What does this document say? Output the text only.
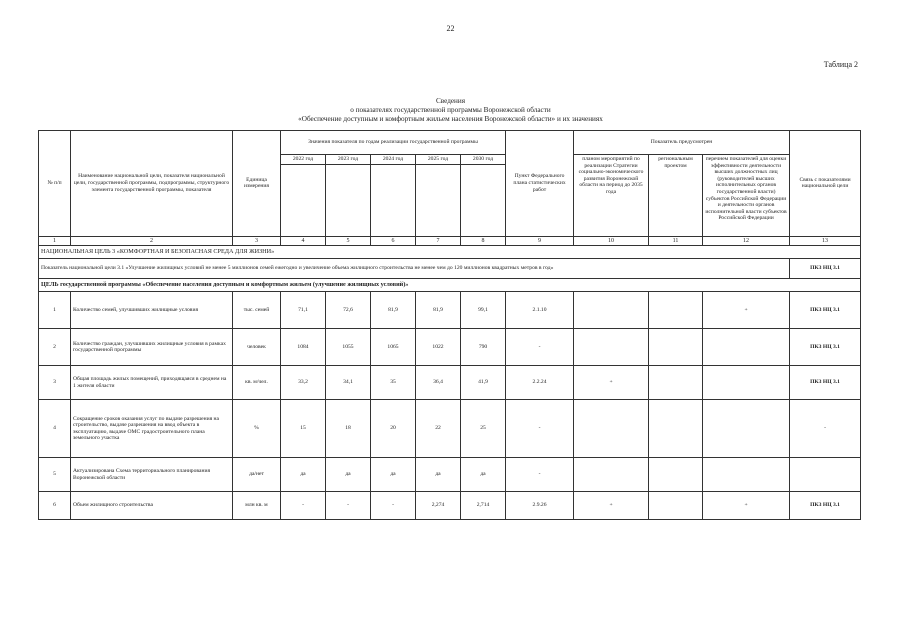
22
Таблица 2
Сведения
о показателях государственной программы Воронежской области
«Обеспечение доступным и комфортным жильем населения Воронежской области» и их значениях
№ п/п	Наименование национальной цели, показателя национальной цели, государственной программы, подпрограммы, структурного элемента государственной программы, показателя	Единица измерения	Значения показателя по годам реализации государственной программы					Пункт Федерального плана статистических работ	Показатель предусмотрен			Связь с показателями национальной цели
			2022 год	2023 год	2024 год	2025 год	2030 год		планом мероприятий по реализации Стратегии социально-экономического развития Воронежской области на период до 2035 года	региональным проектом	перечнем показателей для оценки эффективности деятельности высших должностных лиц (руководителей высших исполнительных органов государственной власти) субъектов Российской Федерации и деятельности органов исполнительной власти субъектов Российской Федерации	

1	2	3	4	5	6	7	8	9	10	11	12	13
НАЦИОНАЛЬНАЯ ЦЕЛЬ 3 «КОМФОРТНАЯ И БЕЗОПАСНАЯ СРЕДА ДЛЯ ЖИЗНИ»												
Показатель национальной цели 3.1 «Улучшение жилищных условий не менее 5 миллионов семей ежегодно и увеличение объема жилищного строительства не менее чем до 120 миллионов квадратных метров в год»												ПКЗ НЦ 3.1
ЦЕЛЬ государственной программы «Обеспечение населения доступным и комфортным жильем (улучшение жилищных условий)»												
1	Количество семей, улучшивших жилищные условия	тыс. семей	71,1	72,6	81,9	81,9	99,1	2.1.10			+	ПКЗ НЦ 3.1
2	Количество граждан, улучшивших жилищные условия в рамках государственной программы	человек	1084	1055	1065	1022	790	-				ПКЗ НЦ 3.1
3	Общая площадь жилых помещений, приходящаяся в среднем на 1 жителя области	кв. м/чел.	33,2	34,1	35	36,4	41,9	2.2.24	+			ПКЗ НЦ 3.1
4	Сокращение сроков оказания услуг по выдаче разрешения на строительство, выдаче разрешения на ввод объекта в эксплуатацию, выдаче ОМС градостроительного плана земельного участка	%	15	18	20	22	25	-				-
5	Актуализирована Схема территориального планирования Воронежской области	да/нет	да	да	да	да	да	-				
6	Объем жилищного строительства	млн кв. м	-	-	-	2,274	2,714	2.9.26	+		+	ПКЗ НЦ 3.1
